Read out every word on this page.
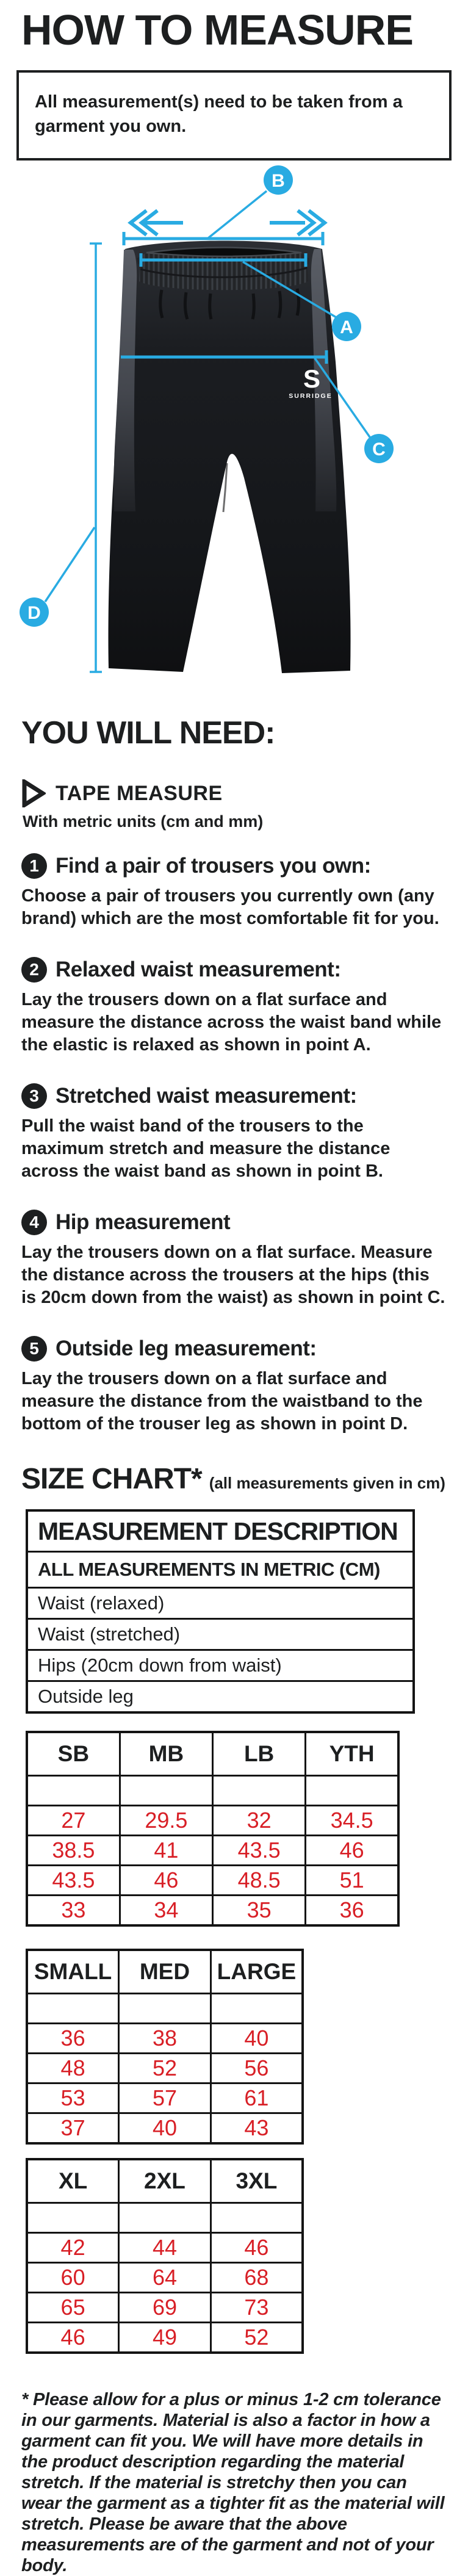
HOW TO MEASURE
All measurement(s) need to be taken from a garment you own.
S
SURRIDGE
B
A
C
D
YOU WILL NEED:
TAPE MEASURE
With metric units (cm and mm)
1 Find a pair of trousers you own:

Choose a pair of trousers you currently own (any brand) which are the most comfortable fit for you.

2 Relaxed waist measurement:

Lay the trousers down on a flat surface and measure the distance across the waist band while the elastic is relaxed as shown in point A.

3 Stretched waist measurement:

Pull the waist band of the trousers to the maximum stretch and measure the distance across the waist band as shown in point B.

4 Hip measurement

Lay the trousers down on a flat surface. Measure the distance across the trousers at the hips (this is 20cm down from the waist) as shown in point C.

5 Outside leg measurement:

Lay the trousers down on a flat surface and measure the distance from the waistband to the bottom of the trouser leg as shown in point D.

SIZE CHART* (all measurements given in cm)
MEASUREMENT DESCRIPTION
ALL MEASUREMENTS IN METRIC (CM)
Waist (relaxed)
Waist (stretched)
Hips (20cm down from waist)
Outside leg
SB	MB	LB	YTH

27	29.5	32	34.5
38.5	41	43.5	46
43.5	46	48.5	51
33	34	35	36
SMALL	MED	LARGE

36	38	40
48	52	56
53	57	61
37	40	43
XL	2XL	3XL

42	44	46
60	64	68
65	69	73
46	49	52

* Please allow for a plus or minus 1-2 cm tolerance in our garments. Material is also a factor in how a garment can fit you. We will have more details in the product description regarding the material stretch. If the material is stretchy then you can wear the garment as a tighter fit as the material will stretch. Please be aware that the above measurements are of the garment and not of your body.
